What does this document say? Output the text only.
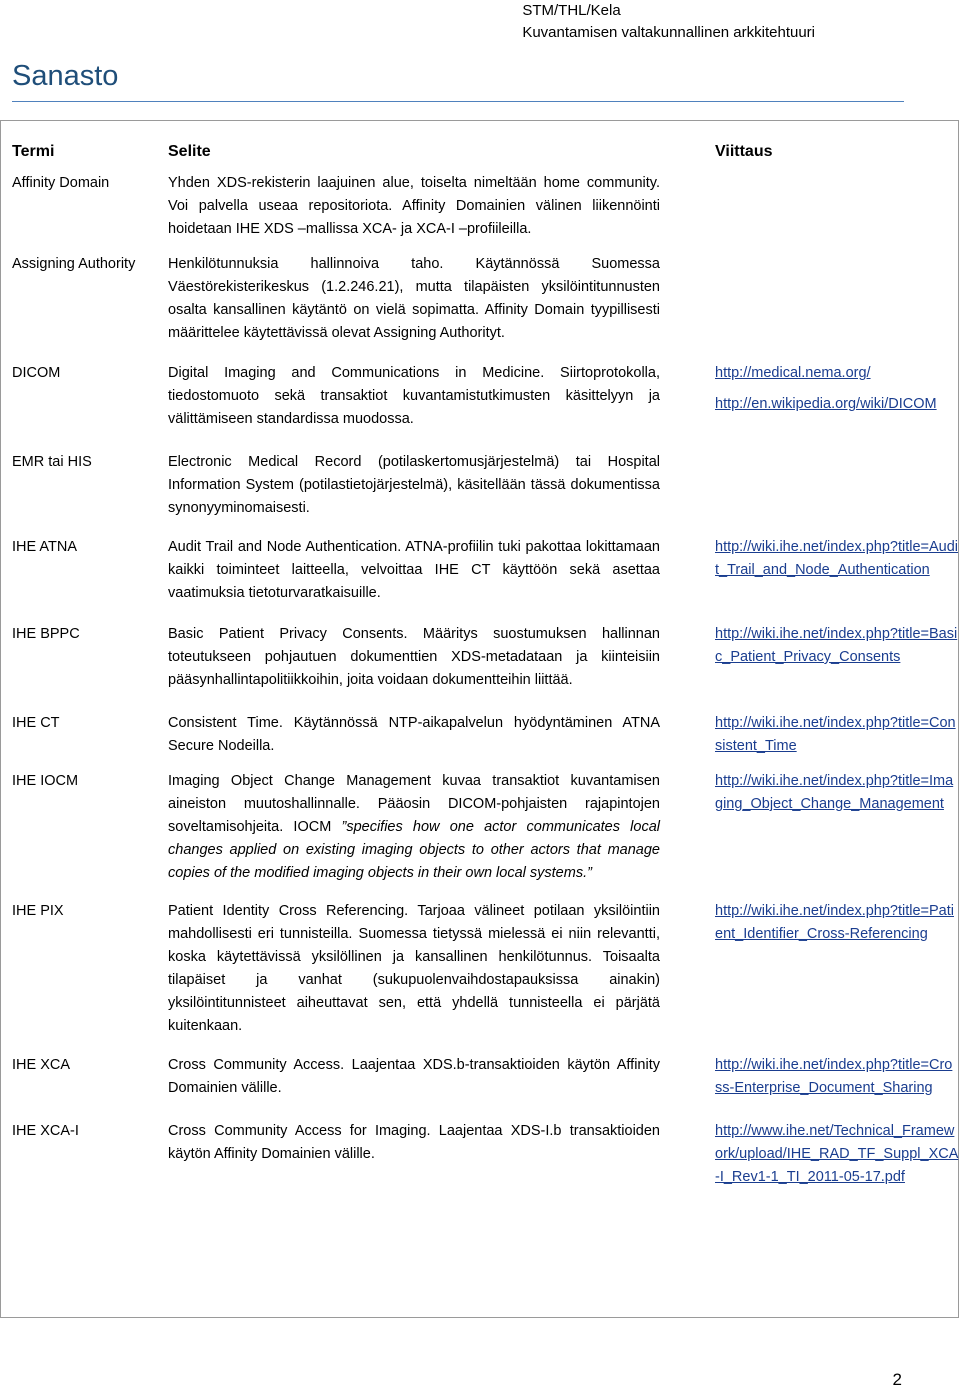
STM/THL/Kela
Kuvantamisen valtakunnallinen arkkitehtuuri
Sanasto
Termi	Selite	Viittaus
Affinity Domain	Yhden XDS-rekisterin laajuinen alue, toiselta nimeltään home community. Voi palvella useaa repositoriota. Affinity Domainien välinen liikennöinti hoidetaan IHE XDS –mallissa XCA- ja XCA-I –profiileilla.	
Assigning Authority	Henkilötunnuksia hallinnoiva taho. Käytännössä Suomessa Väestörekisterikeskus (1.2.246.21), mutta tilapäisten yksilöintitunnusten osalta kansallinen käytäntö on vielä sopimatta. Affinity Domain tyypillisesti määrittelee käytettävissä olevat Assigning Authorityt.	
DICOM	Digital Imaging and Communications in Medicine. Siirtoprotokolla, tiedostomuoto sekä transaktiot kuvantamistutkimusten käsittelyyn ja välittämiseen standardissa muodossa.	http://medical.nema.org/
http://en.wikipedia.org/wiki/DICOM

EMR tai HIS	Electronic Medical Record (potilaskertomusjärjestelmä) tai Hospital Information System (potilastietojärjestelmä), käsitellään tässä dokumentissa synonyyminomaisesti.	
IHE ATNA	Audit Trail and Node Authentication. ATNA-profiilin tuki pakottaa lokittamaan kaikki toiminteet laitteella, velvoittaa IHE CT käyttöön sekä asettaa vaatimuksia tietoturvaratkaisuille.	http://wiki.ihe.net/index.php?title=Audit_Trail_and_Node_Authentication

IHE BPPC	Basic Patient Privacy Consents. Määritys suostumuksen hallinnan toteutukseen pohjautuen dokumenttien XDS-metadataan ja kiinteisiin pääsynhallintapolitiikkoihin, joita voidaan dokumentteihin liittää.	http://wiki.ihe.net/index.php?title=Basic_Patient_Privacy_Consents

IHE CT	Consistent Time. Käytännössä NTP-aikapalvelun hyödyntäminen ATNA Secure Nodeilla.	http://wiki.ihe.net/index.php?title=Consistent_Time

IHE IOCM	Imaging Object Change Management kuvaa transaktiot kuvantamisen aineiston muutoshallinnalle. Pääosin DICOM-pohjaisten rajapintojen soveltamisohjeita. IOCM ”specifies how one actor communicates local changes applied on existing imaging objects to other actors that manage copies of the modified imaging objects in their own local systems.”	http://wiki.ihe.net/index.php?title=Imaging_Object_Change_Management

IHE PIX	Patient Identity Cross Referencing. Tarjoaa välineet potilaan yksilöintiin mahdollisesti eri tunnisteilla. Suomessa tietyssä mielessä ei niin relevantti, koska käytettävissä yksilöllinen ja kansallinen henkilötunnus. Toisaalta tilapäiset ja vanhat (sukupuolenvaihdostapauksissa ainakin) yksilöintitunnisteet aiheuttavat sen, että yhdellä tunnisteella ei pärjätä kuitenkaan.	http://wiki.ihe.net/index.php?title=Patient_Identifier_Cross-Referencing

IHE XCA	Cross Community Access. Laajentaa XDS.b-transaktioiden käytön Affinity Domainien välille.	http://wiki.ihe.net/index.php?title=Cross-Enterprise_Document_Sharing

IHE XCA-I	Cross Community Access for Imaging. Laajentaa XDS-I.b transaktioiden käytön Affinity Domainien välille.	http://www.ihe.net/Technical_Framework/upload/IHE_RAD_TF_Suppl_XCA-I_Rev1-1_TI_2011-05-17.pdf
2
